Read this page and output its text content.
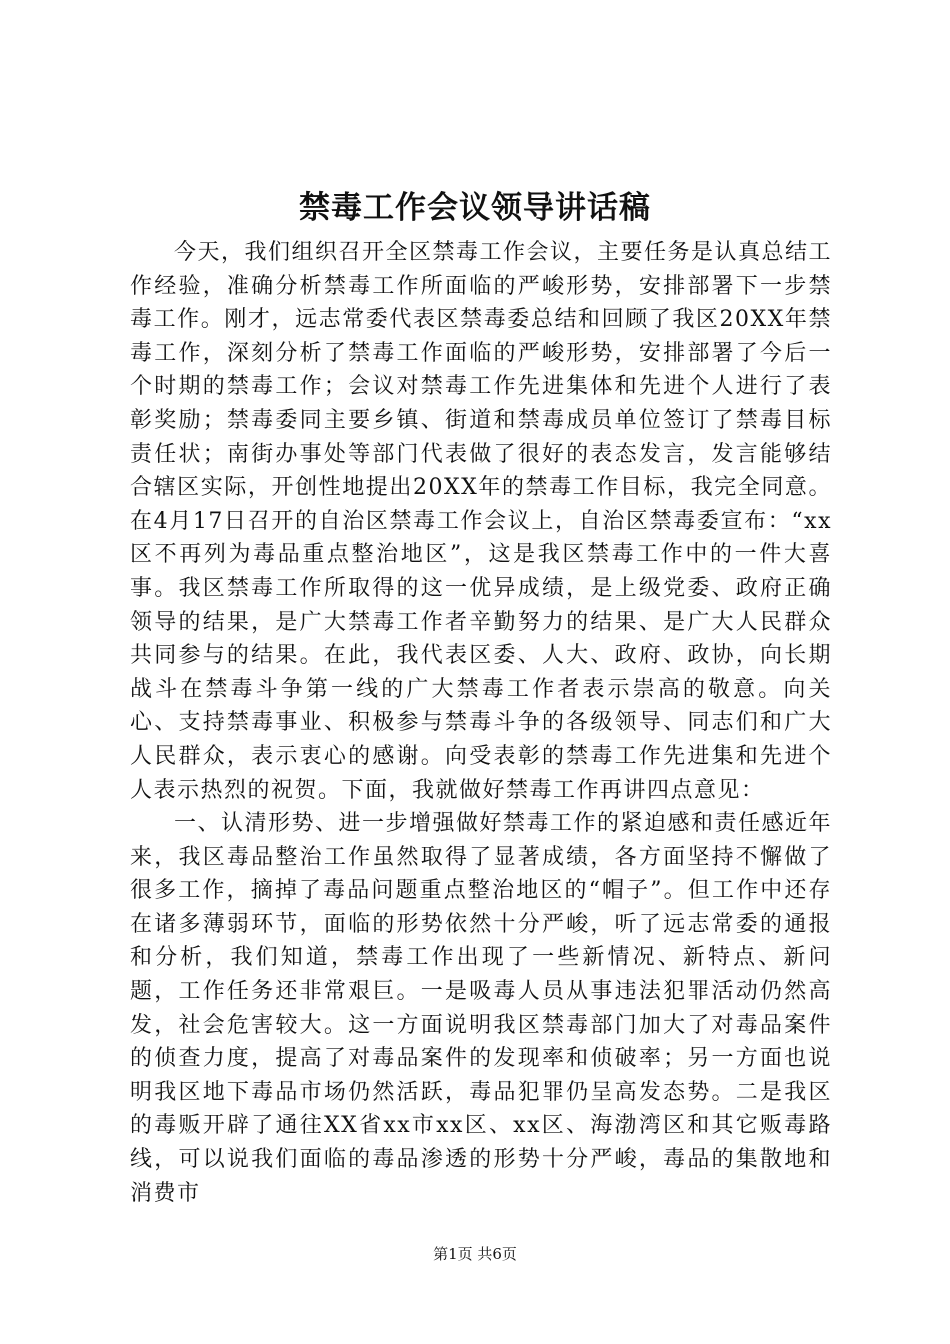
禁毒工作会议领导讲话稿

今天，我们组织召开全区禁毒工作会议，主要任务是认真总结工作经验，准确分析禁毒工作所面临的严峻形势，安排部署下一步禁毒工作。刚才，远志常委代表区禁毒委总结和回顾了我区20XX年禁毒工作，深刻分析了禁毒工作面临的严峻形势，安排部署了今后一个时期的禁毒工作；会议对禁毒工作先进集体和先进个人进行了表彰奖励；禁毒委同主要乡镇、街道和禁毒成员单位签订了禁毒目标责任状；南街办事处等部门代表做了很好的表态发言，发言能够结合辖区实际，开创性地提出20XX年的禁毒工作目标，我完全同意。在4月17日召开的自治区禁毒工作会议上，自治区禁毒委宣布：“xx区不再列为毒品重点整治地区”，这是我区禁毒工作中的一件大喜事。我区禁毒工作所取得的这一优异成绩，是上级党委、政府正确领导的结果，是广大禁毒工作者辛勤努力的结果、是广大人民群众共同参与的结果。在此，我代表区委、人大、政府、政协，向长期战斗在禁毒斗争第一线的广大禁毒工作者表示崇高的敬意。向关心、支持禁毒事业、积极参与禁毒斗争的各级领导、同志们和广大人民群众，表示衷心的感谢。向受表彰的禁毒工作先进集和先进个人表示热烈的祝贺。下面，我就做好禁毒工作再讲四点意见：

一、认清形势、进一步增强做好禁毒工作的紧迫感和责任感近年来，我区毒品整治工作虽然取得了显著成绩，各方面坚持不懈做了很多工作，摘掉了毒品问题重点整治地区的“帽子”。但工作中还存在诸多薄弱环节，面临的形势依然十分严峻，听了远志常委的通报和分析，我们知道，禁毒工作出现了一些新情况、新特点、新问题，工作任务还非常艰巨。一是吸毒人员从事违法犯罪活动仍然高发，社会危害较大。这一方面说明我区禁毒部门加大了对毒品案件的侦查力度，提高了对毒品案件的发现率和侦破率；另一方面也说明我区地下毒品市场仍然活跃，毒品犯罪仍呈高发态势。二是我区的毒贩开辟了通往XX省xx市xx区、xx区、海渤湾区和其它贩毒路线，可以说我们面临的毒品渗透的形势十分严峻，毒品的集散地和消费市

第1页 共6页
